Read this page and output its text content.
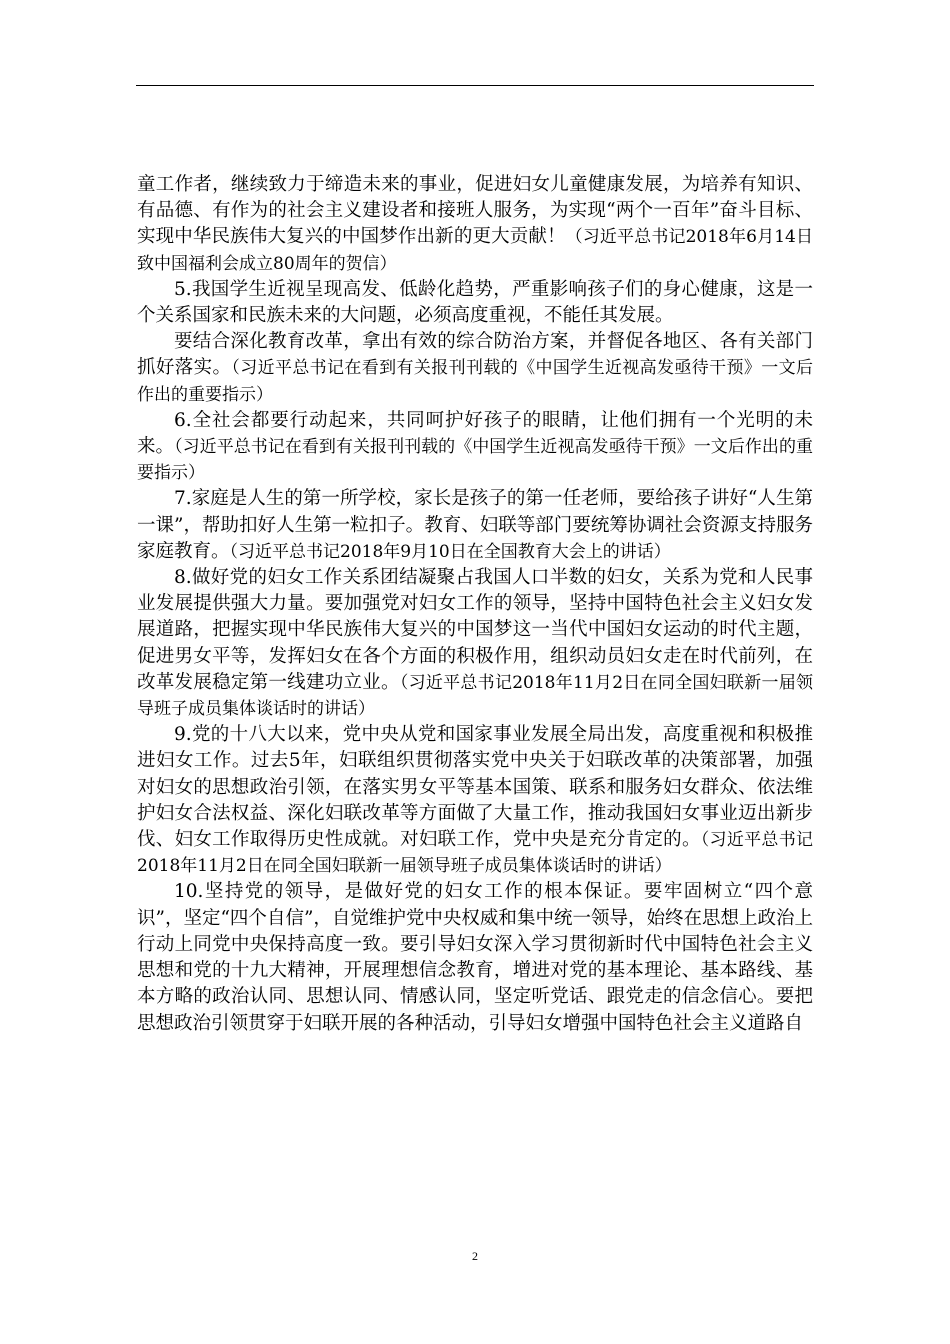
童工作者，继续致力于缔造未来的事业，促进妇女儿童健康发展，为培养有知识、有品德、有作为的社会主义建设者和接班人服务，为实现“两个一百年”奋斗目标、实现中华民族伟大复兴的中国梦作出新的更大贡献！（习近平总书记2018年6月14日致中国福利会成立80周年的贺信）

5.我国学生近视呈现高发、低龄化趋势，严重影响孩子们的身心健康，这是一个关系国家和民族未来的大问题，必须高度重视，不能任其发展。

要结合深化教育改革，拿出有效的综合防治方案，并督促各地区、各有关部门抓好落实。（习近平总书记在看到有关报刊刊载的《中国学生近视高发亟待干预》一文后作出的重要指示）

6.全社会都要行动起来，共同呵护好孩子的眼睛，让他们拥有一个光明的未来。（习近平总书记在看到有关报刊刊载的《中国学生近视高发亟待干预》一文后作出的重要指示）

7.家庭是人生的第一所学校，家长是孩子的第一任老师，要给孩子讲好“人生第一课”，帮助扣好人生第一粒扣子。教育、妇联等部门要统筹协调社会资源支持服务家庭教育。（习近平总书记2018年9月10日在全国教育大会上的讲话）

8.做好党的妇女工作关系团结凝聚占我国人口半数的妇女，关系为党和人民事业发展提供强大力量。要加强党对妇女工作的领导，坚持中国特色社会主义妇女发展道路，把握实现中华民族伟大复兴的中国梦这一当代中国妇女运动的时代主题，促进男女平等，发挥妇女在各个方面的积极作用，组织动员妇女走在时代前列，在改革发展稳定第一线建功立业。（习近平总书记2018年11月2日在同全国妇联新一届领导班子成员集体谈话时的讲话）

9.党的十八大以来，党中央从党和国家事业发展全局出发，高度重视和积极推进妇女工作。过去5年，妇联组织贯彻落实党中央关于妇联改革的决策部署，加强对妇女的思想政治引领，在落实男女平等基本国策、联系和服务妇女群众、依法维护妇女合法权益、深化妇联改革等方面做了大量工作，推动我国妇女事业迈出新步伐、妇女工作取得历史性成就。对妇联工作，党中央是充分肯定的。（习近平总书记2018年11月2日在同全国妇联新一届领导班子成员集体谈话时的讲话）

10.坚持党的领导，是做好党的妇女工作的根本保证。要牢固树立“四个意识”，坚定“四个自信”，自觉维护党中央权威和集中统一领导，始终在思想上政治上行动上同党中央保持高度一致。要引导妇女深入学习贯彻新时代中国特色社会主义思想和党的十九大精神，开展理想信念教育，增进对党的基本理论、基本路线、基本方略的政治认同、思想认同、情感认同，坚定听党话、跟党走的信念信心。要把思想政治引领贯穿于妇联开展的各种活动，引导妇女增强中国特色社会主义道路自

2
